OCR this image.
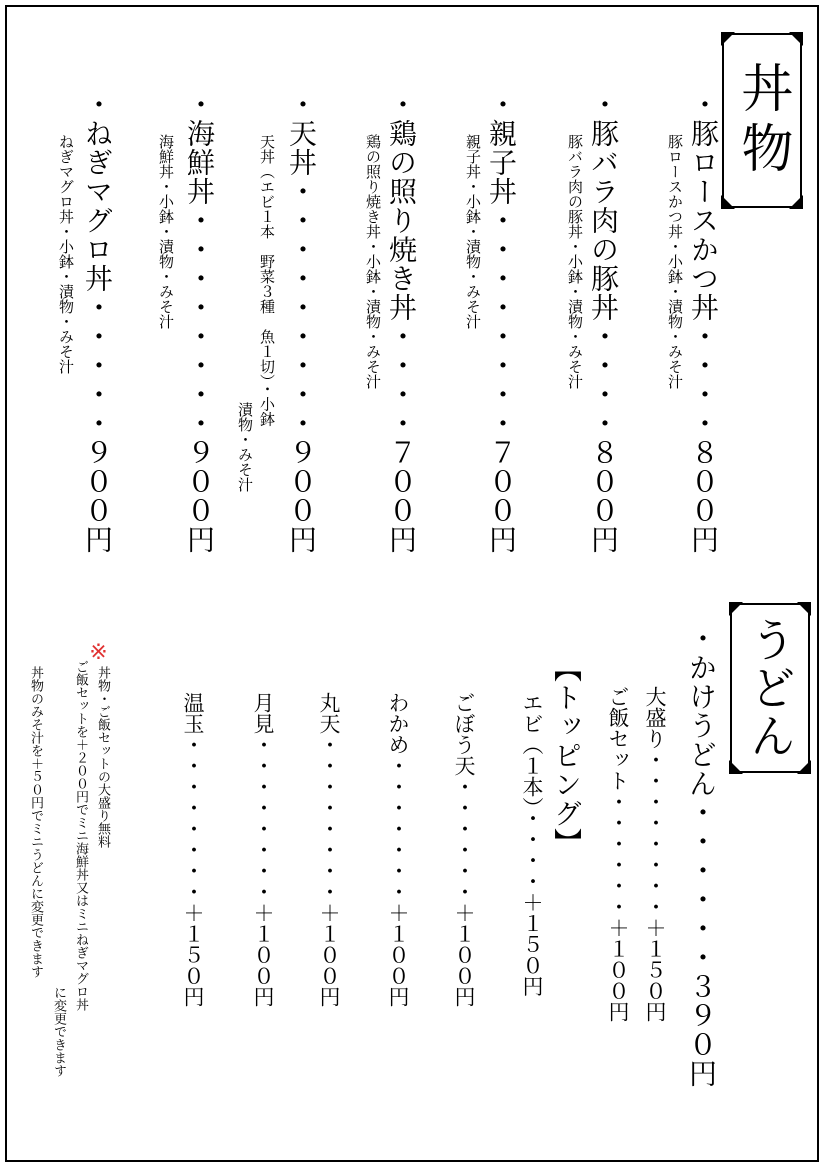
丼物
・豚ロースかつ丼・・・・８００円
豚ロースかつ丼・小鉢・漬物・みそ汁
・豚バラ肉の豚丼・・・・８００円
豚バラ肉の豚丼・小鉢・漬物・みそ汁
・親子丼・・・・・・・・７００円
親子丼・小鉢・漬物・みそ汁
・鶏の照り焼き丼・・・・７００円
鶏の照り焼き丼・小鉢・漬物・みそ汁
・天丼・・・・・・・・・９００円
天丼（エビ１本　野菜３種　魚１切）・小鉢
漬物・みそ汁
・海鮮丼・・・・・・・・９００円
海鮮丼・小鉢・漬物・みそ汁
・ねぎマグロ丼・・・・・９００円
ねぎマグロ丼・小鉢・漬物・みそ汁
うどん
・かけうどん・・・・・・３９０円
大盛り・・・・・・・・＋１５０円
ご飯セット・・・・・・＋１００円
【トッピング】
エビ（１本）・・・・＋１５０円
ごぼう天・・・・・・＋１００円
わかめ・・・・・・・＋１００円
丸天・・・・・・・・＋１００円
月見・・・・・・・・＋１００円
温玉・・・・・・・・＋１５０円
※
丼物・ご飯セットの大盛り無料
ご飯セットを＋２００円でミニ海鮮丼又はミニねぎマグロ丼
に変更できます
丼物のみそ汁を＋５０円でミニうどんに変更できます
